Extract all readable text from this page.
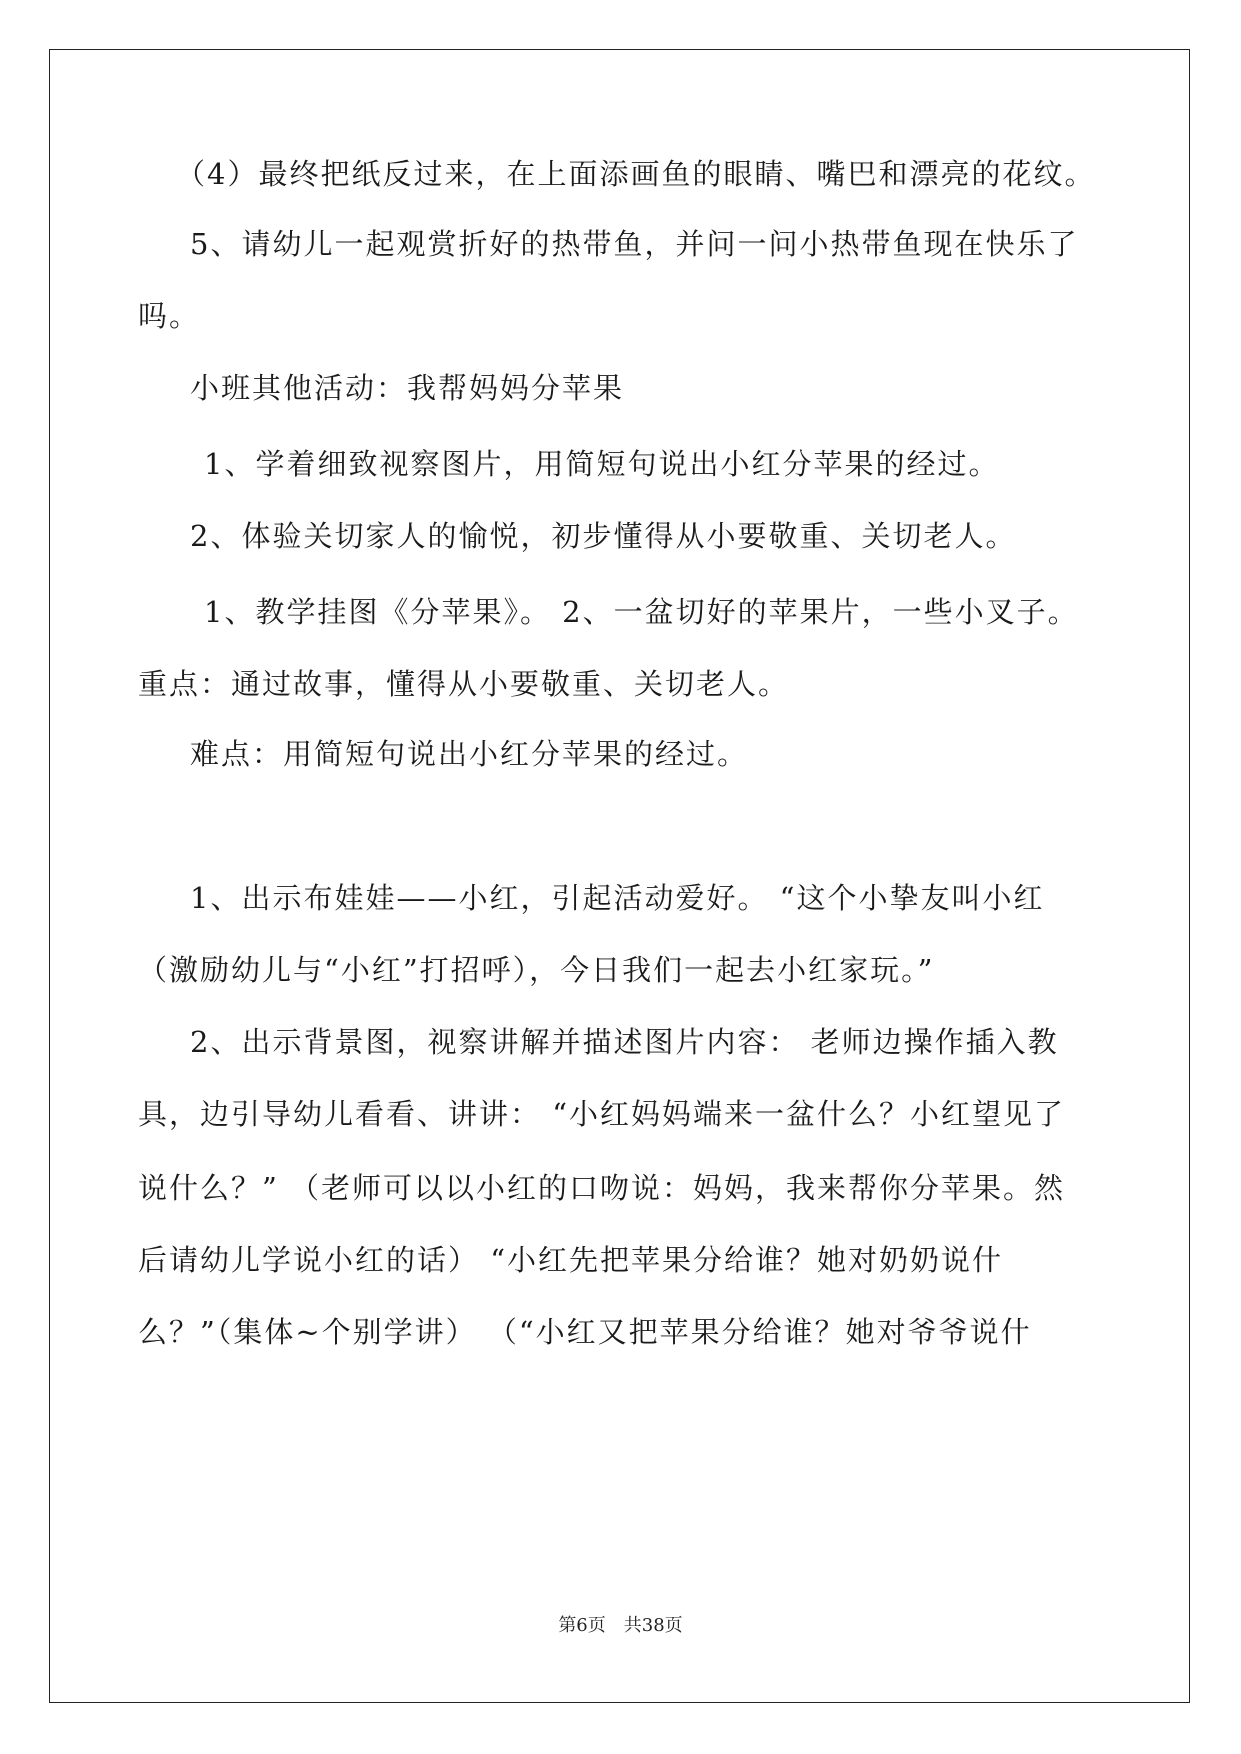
（4）最终把纸反过来，在上面添画鱼的眼睛、嘴巴和漂亮的花纹。
5、请幼儿一起观赏折好的热带鱼，并问一问小热带鱼现在快乐了
吗。
小班其他活动：我帮妈妈分苹果
1、学着细致视察图片，用简短句说出小红分苹果的经过。
2、体验关切家人的愉悦，初步懂得从小要敬重、关切老人。
1、教学挂图《分苹果》。 2、一盆切好的苹果片，一些小叉子。
重点：通过故事，懂得从小要敬重、关切老人。
难点：用简短句说出小红分苹果的经过。
1、出示布娃娃——小红，引起活动爱好。 “这个小挚友叫小红
（激励幼儿与“小红”打招呼），今日我们一起去小红家玩。”
2、出示背景图，视察讲解并描述图片内容： 老师边操作插入教
具，边引导幼儿看看、讲讲： “小红妈妈端来一盆什么？小红望见了
说什么？” （老师可以以小红的口吻说：妈妈，我来帮你分苹果。然
后请幼儿学说小红的话） “小红先把苹果分给谁？她对奶奶说什
么？”（集体~个别学讲） （“小红又把苹果分给谁？她对爷爷说什
第6页　共38页
